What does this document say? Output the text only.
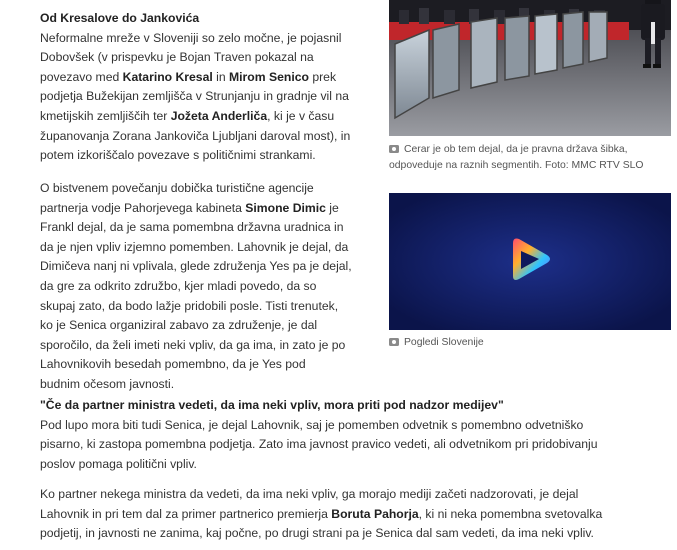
Od Kresalove do Jankovića
Neformalne mreže v Sloveniji so zelo močne, je pojasnil
Dobovšek (v prispevku je Bojan Traven pokazal na
povezavo med Katarino Kresal in Mirom Senico prek
podjetja Bužekijan zemljišča v Strunjanju in gradnje vil na
kmetijskih zemljiščih ter Jožeta Anderliča, ki je v času
županovanja Zorana Jankoviča Ljubljani daroval most), in
potem izkoriščalo povezave s političnimi strankami.	Cerar je ob tem dejal, da je pravna država šibka,
odpoveduje na raznih segmentih. Foto: MMC RTV SLO
O bistvenem povečanju dobička turistične agencije
partnerja vodje Pahorjevega kabineta Simone Dimic je
Frankl dejal, da je sama pomembna državna uradnica in
da je njen vpliv izjemno pomemben. Lahovnik je dejal, da
Dimičeva nanj ni vplivala, glede združenja Yes pa je dejal,
da gre za odkrito združbo, kjer mladi povedo, da so
skupaj zato, da bodo lažje pridobili posle. Tisti trenutek,
ko je Senica organiziral zabavo za združenje, je dal
sporočilo, da želi imeti neki vpliv, da ga ima, in zato je po
Lahovnikovih besedah pomembno, da je Yes pod
budnim očesom javnosti.
Pogledi Slovenije
"Če da partner ministra vedeti, da ima neki vpliv, mora priti pod nadzor medijev"
Pod lupo mora biti tudi Senica, je dejal Lahovnik, saj je pomemben odvetnik s pomembno odvetniško
pisarno, ki zastopa pomembna podjetja. Zato ima javnost pravico vedeti, ali odvetnikom pri pridobivanju
poslov pomaga politični vpliv.
Ko partner nekega ministra da vedeti, da ima neki vpliv, ga morajo mediji začeti nadzorovati, je dejal
Lahovnik in pri tem dal za primer partnerico premierja Boruta Pahorja, ki ni neka pomembna svetovalka
podjetij, in javnosti ne zanima, kaj počne, po drugi strani pa je Senica dal sam vedeti, da ima neki vpliv.
